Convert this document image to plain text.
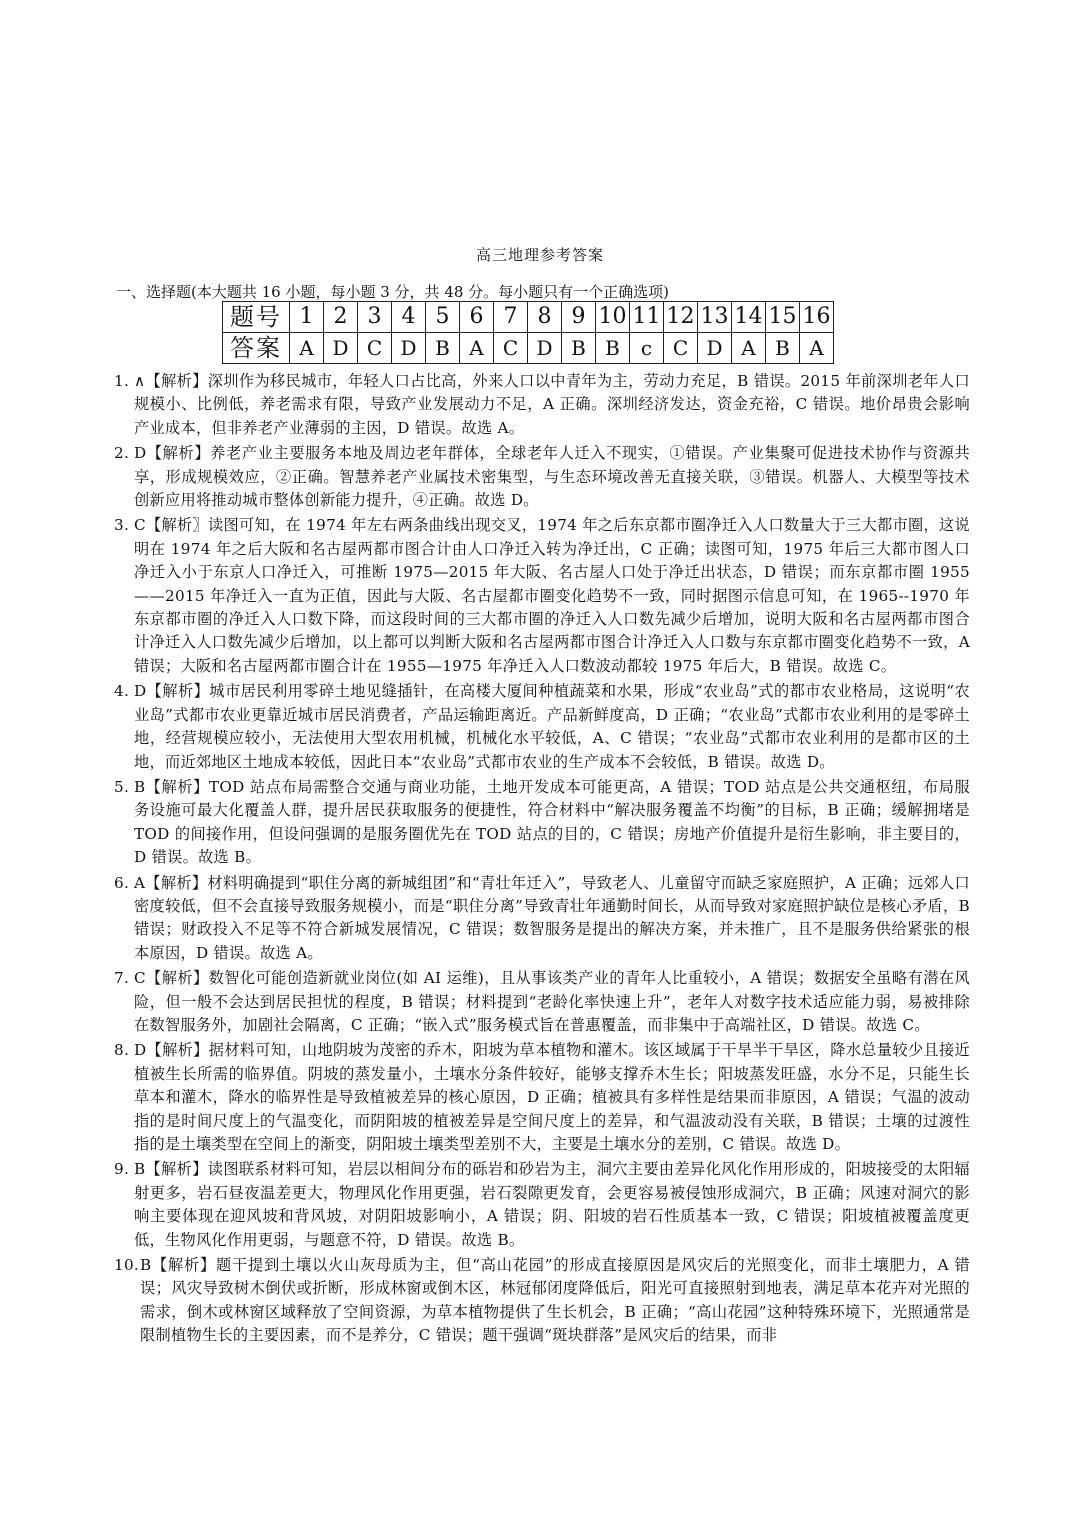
高三地理参考答案
一、选择题(本大题共 16 小题，每小题 3 分，共 48 分。每小题只有一个正确选项)
题号	1	2	3	4	5	6	7	8	9	10	11	12	13	14	15	16
答案	A	D	C	D	B	A	C	D	B	B	c	C	D	A	B	A
1. ∧【解析】深圳作为移民城市，年轻人口占比高，外来人口以中青年为主，劳动力充足，B 错误。2015 年前深圳老年人口规模小、比例低，养老需求有限，导致产业发展动力不足，A 正确。深圳经济发达，资金充裕，C 错误。地价昂贵会影响产业成本，但非养老产业薄弱的主因，D 错误。故选 A。
2. D【解析】养老产业主要服务本地及周边老年群体，全球老年人迁入不现实，①错误。产业集聚可促进技术协作与资源共享，形成规模效应，②正确。智慧养老产业属技术密集型，与生态环境改善无直接关联，③错误。机器人、大模型等技术创新应用将推动城市整体创新能力提升，④正确。故选 D。
3. C【解析〗读图可知，在 1974 年左右两条曲线出现交叉，1974 年之后东京都市圈净迁入人口数量大于三大都市圈，这说明在 1974 年之后大阪和名古屋两都市图合计由人口净迁入转为净迁出，C 正确；读图可知，1975 年后三大都市图人口净迁入小于东京人口净迁入，可推断 1975—2015 年大阪、名古屋人口处于净迁出状态，D 错误；而东京都市圈 1955——2015 年净迁入一直为正值，因此与大阪、名古屋都市圈变化趋势不一致，同时据图示信息可知，在 1965--1970 年东京都市圈的净迁入人口数下降，而这段时间的三大都市圈的净迁入人口数先减少后增加，说明大阪和名古屋两都市图合计净迁入人口数先减少后增加，以上都可以判断大阪和名古屋两都市图合计净迁入人口数与东京都市圈变化趋势不一致，A 错误；大阪和名古屋两都市圈合计在 1955—1975 年净迁入人口数波动都较 1975 年后大，B 错误。故选 C。
4. D【解析】城市居民利用零碎土地见缝插针，在高楼大厦间种植蔬菜和水果，形成“农业岛”式的都市农业格局，这说明“农业岛”式都市农业更靠近城市居民消费者，产品运输距离近。产品新鲜度高，D 正确；“农业岛”式都市农业利用的是零碎土地，经营规模应较小，无法使用大型农用机械，机械化水平较低，A、C 错误；“农业岛”式都市农业利用的是都市区的土地，而近郊地区土地成本较低，因此日本“农业岛”式都市农业的生产成本不会较低，B 错误。故选 D。
5. B【解析】TOD 站点布局需整合交通与商业功能，土地开发成本可能更高，A 错误；TOD 站点是公共交通枢纽，布局服务设施可最大化覆盖人群，提升居民获取服务的便捷性，符合材料中“解决服务覆盖不均衡”的目标，B 正确；缓解拥堵是 TOD 的间接作用，但设问强调的是服务圈优先在 TOD 站点的目的，C 错误；房地产价值提升是衍生影响，非主要目的，D 错误。故选 B。
6. A【解析】材料明确提到“职住分离的新城组团”和“青壮年迁入”，导致老人、儿童留守而缺乏家庭照护，A 正确；远郊人口密度较低，但不会直接导致服务规模小，而是“职住分离”导致青壮年通勤时间长，从而导致对家庭照护缺位是核心矛盾，B 错误；财政投入不足等不符合新城发展情况，C 错误；数智服务是提出的解决方案，并未推广，且不是服务供给紧张的根本原因，D 错误。故选 A。
7. C【解析】数智化可能创造新就业岗位(如 AI 运维)，且从事该类产业的青年人比重较小，A 错误；数据安全虽略有潜在风险，但一般不会达到居民担忧的程度，B 错误；材料提到“老龄化率快速上升”，老年人对数字技术适应能力弱，易被排除在数智服务外，加剧社会隔离，C 正确；“嵌入式”服务模式旨在普惠覆盖，而非集中于高端社区，D 错误。故选 C。
8. D【解析】据材料可知，山地阴坡为茂密的乔木，阳坡为草本植物和灌木。该区域属于干旱半干旱区，降水总量较少且接近植被生长所需的临界值。阴坡的蒸发量小，土壤水分条件较好，能够支撑乔木生长；阳坡蒸发旺盛，水分不足，只能生长草本和灌木，降水的临界性是导致植被差异的核心原因，D 正确；植被具有多样性是结果而非原因，A 错误；气温的波动指的是时间尺度上的气温变化，而阴阳坡的植被差异是空间尺度上的差异，和气温波动没有关联，B 错误；土壤的过渡性指的是土壤类型在空间上的渐变，阴阳坡土壤类型差别不大，主要是土壤水分的差别，C 错误。故选 D。
9. B【解析】读图联系材料可知，岩层以相间分布的砾岩和砂岩为主，洞穴主要由差异化风化作用形成的，阳坡接受的太阳辐射更多，岩石昼夜温差更大，物理风化作用更强，岩石裂隙更发育，会更容易被侵蚀形成洞穴，B 正确；风速对洞穴的影响主要体现在迎风坡和背风坡，对阴阳坡影响小，A 错误；阴、阳坡的岩石性质基本一致，C 错误；阳坡植被覆盖度更低，生物风化作用更弱，与题意不符，D 错误。故选 B。
10. B【解析】题干提到土壤以火山灰母质为主，但“高山花园”的形成直接原因是风灾后的光照变化，而非土壤肥力，A 错误；风灾导致树木倒伏或折断，形成林窗或倒木区，林冠郁闭度降低后，阳光可直接照射到地表，满足草本花卉对光照的需求，倒木或林窗区域释放了空间资源，为草本植物提供了生长机会，B 正确；“高山花园”这种特殊环境下，光照通常是限制植物生长的主要因素，而不是养分，C 错误；题干强调“斑块群落”是风灾后的结果，而非
